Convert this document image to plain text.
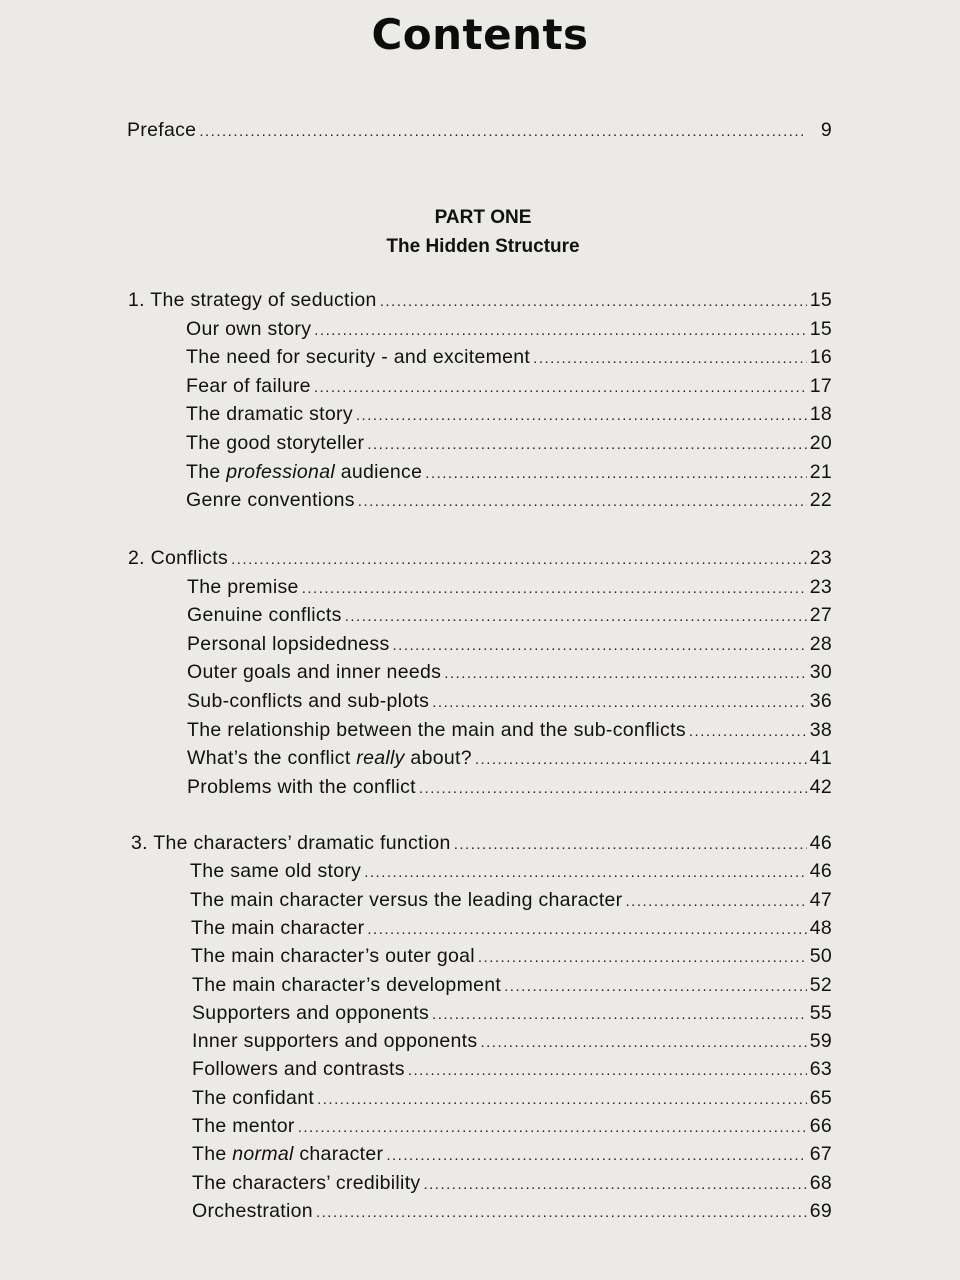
Contents
PART ONE
The Hidden Structure
Preface .....	9
1. The strategy of seduction .....	15
Our own story .....	15
The need for security - and excitement .....	16
Fear of failure .....	17
The dramatic story .....	18
The good storyteller .....	20
The professional audience .....	21
Genre conventions .....	22
2. Conflicts .....	23
The premise .....	23
Genuine conflicts .....	27
Personal lopsidedness .....	28
Outer goals and inner needs .....	30
Sub-conflicts and sub-plots .....	36
The relationship between the main and the sub-conflicts .....	38
What’s the conflict really about? .....	41
Problems with the conflict .....	42
3. The characters’ dramatic function .....	46
The same old story .....	46
The main character versus the leading character .....	47
The main character .....	48
The main character’s outer goal .....	50
The main character’s development .....	52
Supporters and opponents .....	55
Inner supporters and opponents .....	59
Followers and contrasts .....	63
The confidant .....	65
The mentor .....	66
The normal character .....	67
The characters’ credibility .....	68
Orchestration .....	69
